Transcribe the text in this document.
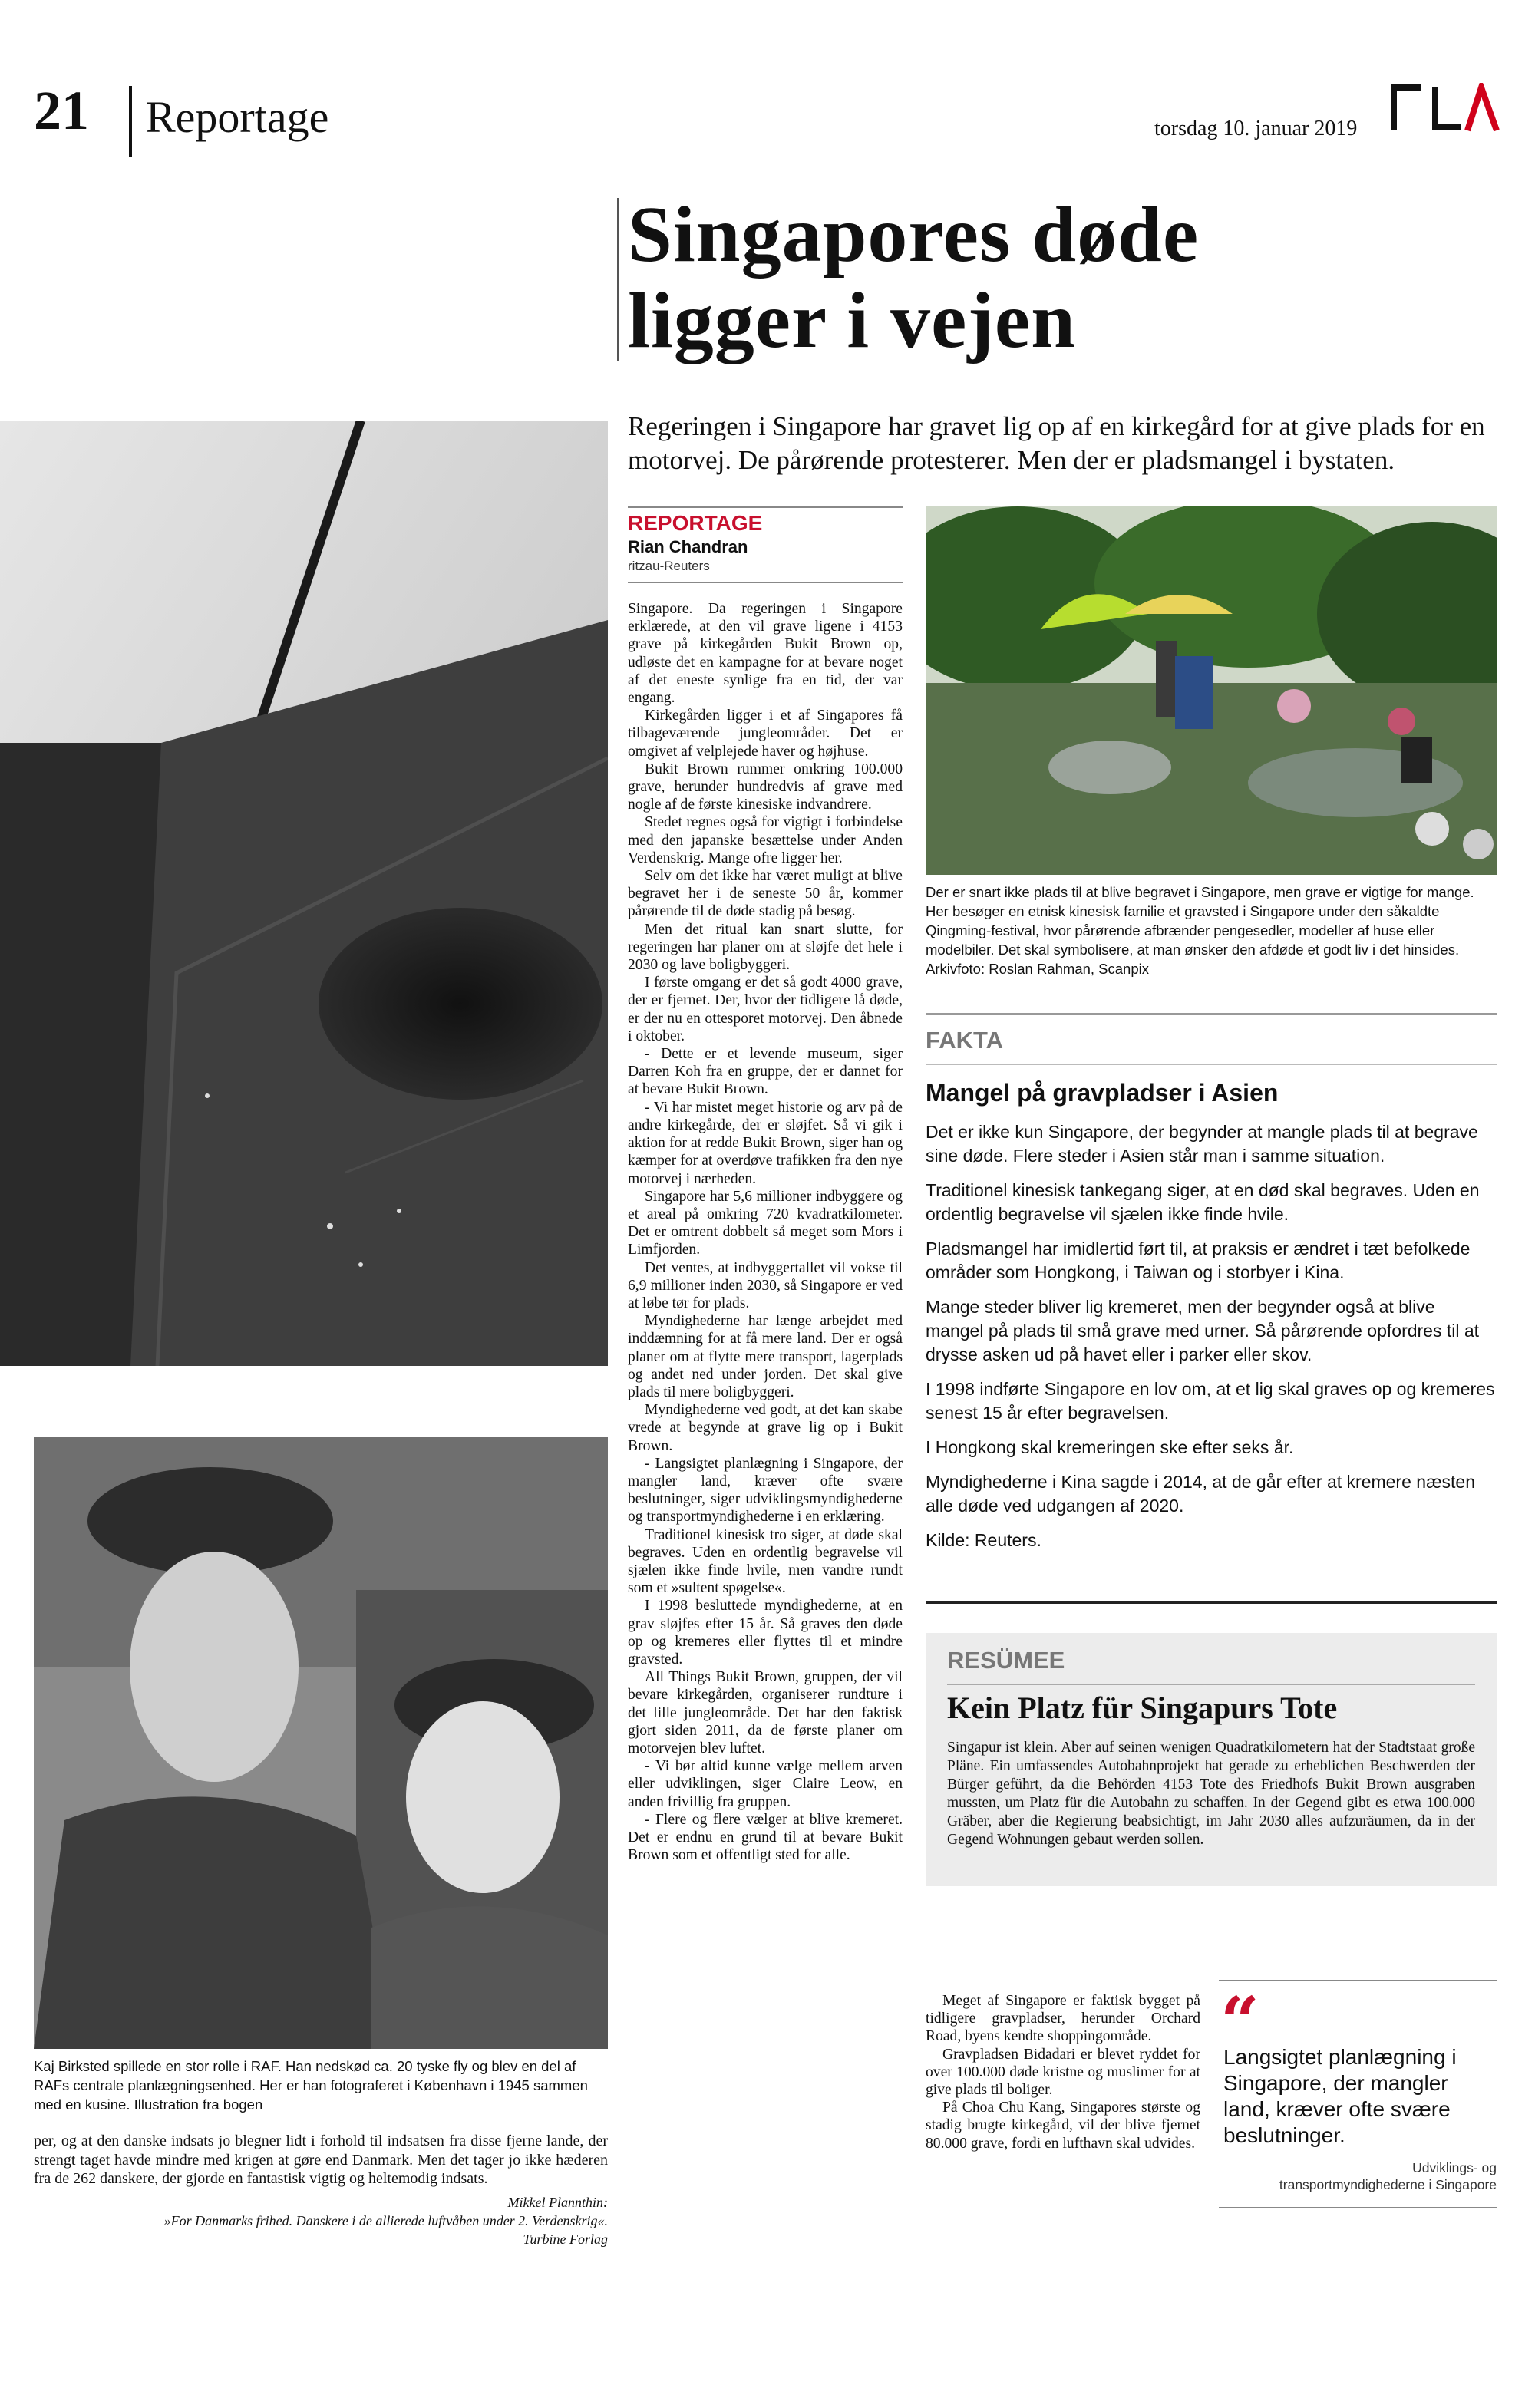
21 Reportage	torsdag 10. januar 2019
Singapores døde
ligger i vejen
Regeringen i Singapore har gravet lig op af en kirkegård for at give plads for en motorvej. De pårørende protesterer. Men der er pladsmangel i bystaten.
Kaj Birksted spillede en stor rolle i RAF. Han nedskød ca. 20 tyske fly og blev en del af RAFs centrale planlægningsenhed. Her er han fotograferet i København i 1945 sammen med en kusine. Illustration fra bogen

per, og at den danske indsats jo blegner lidt i forhold til indsatsen fra disse fjerne lande, der strengt taget havde mindre med krigen at gøre end Danmark. Men det tager jo ikke hæderen fra de 262 danskere, der gjorde en fantastisk vigtig og heltemodig indsats.

Mikkel Plannthin:
»For Danmarks frihed. Danskere i de allierede luftvåben under 2. Verdenskrig«.
Turbine Forlag
REPORTAGE
Rian Chandran
ritzau-Reuters

Singapore. Da regeringen i Singapore erklærede, at den vil grave ligene i 4153 grave på kirkegården Bukit Brown op, udløste det en kampagne for at bevare noget af det eneste synlige fra en tid, der var engang.

Kirkegården ligger i et af Singapores få tilbageværende jungleområder. Det er omgivet af velplejede haver og højhuse.

Bukit Brown rummer omkring 100.000 grave, herunder hundredvis af grave med nogle af de første kinesiske indvandrere.

Stedet regnes også for vigtigt i forbindelse med den japanske besættelse under Anden Verdenskrig. Mange ofre ligger her.

Selv om det ikke har været muligt at blive begravet her i de seneste 50 år, kommer pårørende til de døde stadig på besøg.

Men det ritual kan snart slutte, for regeringen har planer om at sløjfe det hele i 2030 og lave boligbyggeri.

I første omgang er det så godt 4000 grave, der er fjernet. Der, hvor der tidligere lå døde, er der nu en ottesporet motorvej. Den åbnede i oktober.

- Dette er et levende museum, siger Darren Koh fra en gruppe, der er dannet for at bevare Bukit Brown.

- Vi har mistet meget historie og arv på de andre kirkegårde, der er sløjfet. Så vi gik i aktion for at redde Bukit Brown, siger han og kæmper for at overdøve trafikken fra den nye motorvej i nærheden.

Singapore har 5,6 millioner indbyggere og et areal på omkring 720 kvadratkilometer. Det er omtrent dobbelt så meget som Mors i Limfjorden.

Det ventes, at indbyggertallet vil vokse til 6,9 millioner inden 2030, så Singapore er ved at løbe tør for plads.

Myndighederne har længe arbejdet med inddæmning for at få mere land. Der er også planer om at flytte mere transport, lagerplads og andet ned under jorden. Det skal give plads til mere boligbyggeri.

Myndighederne ved godt, at det kan skabe vrede at begynde at grave lig op i Bukit Brown.

- Langsigtet planlægning i Singapore, der mangler land, kræver ofte svære beslutninger, siger udviklingsmyndighederne og transportmyndighederne i en erklæring.

Traditionel kinesisk tro siger, at døde skal begraves. Uden en ordentlig begravelse vil sjælen ikke finde hvile, men vandre rundt som et »sultent spøgelse«.

I 1998 besluttede myndighederne, at en grav sløjfes efter 15 år. Så graves den døde op og kremeres eller flyttes til et mindre gravsted.

All Things Bukit Brown, gruppen, der vil bevare kirkegården, organiserer rundture i det lille jungleområde. Det har den faktisk gjort siden 2011, da de første planer om motorvejen blev luftet.

- Vi bør altid kunne vælge mellem arven eller udviklingen, siger Claire Leow, en anden frivillig fra gruppen.

- Flere og flere vælger at blive kremeret. Det er endnu en grund til at bevare Bukit Brown som et offentligt sted for alle.

Der er snart ikke plads til at blive begravet i Singapore, men grave er vigtige for mange. Her besøger en etnisk kinesisk familie et gravsted i Singapore under den såkaldte Qingming-festival, hvor pårørende afbrænder pengesedler, modeller af huse eller modelbiler. Det skal symbolisere, at man ønsker den afdøde et godt liv i det hinsides. Arkivfoto: Roslan Rahman, Scanpix
FAKTA
Mangel på gravpladser i Asien

Det er ikke kun Singapore, der begynder at mangle plads til at begrave sine døde. Flere steder i Asien står man i samme situation.

Traditionel kinesisk tankegang siger, at en død skal begraves. Uden en ordentlig begravelse vil sjælen ikke finde hvile.

Pladsmangel har imidlertid ført til, at praksis er ændret i tæt befolkede områder som Hongkong, i Taiwan og i storbyer i Kina.

Mange steder bliver lig kremeret, men der begynder også at blive mangel på plads til små grave med urner. Så pårørende opfordres til at drysse asken ud på havet eller i parker eller skov.

I 1998 indførte Singapore en lov om, at et lig skal graves op og kremeres senest 15 år efter begravelsen.

I Hongkong skal kremeringen ske efter seks år.

Myndighederne i Kina sagde i 2014, at de går efter at kremere næsten alle døde ved udgangen af 2020.

Kilde: Reuters.

RESÜMEE
Kein Platz für Singapurs Tote
Singapur ist klein. Aber auf seinen wenigen Quadratkilometern hat der Stadtstaat große Pläne. Ein umfassendes Autobahnprojekt hat gerade zu erheblichen Beschwerden der Bürger geführt, da die Behörden 4153 Tote des Friedhofs Bukit Brown ausgraben mussten, um Platz für die Autobahn zu schaffen. In der Gegend gibt es etwa 100.000 Gräber, aber die Regierung beabsichtigt, im Jahr 2030 alles aufzuräumen, da in der Gegend Wohnungen gebaut werden sollen.

Meget af Singapore er faktisk bygget på tidligere gravpladser, herunder Orchard Road, byens kendte shoppingområde.

Gravpladsen Bidadari er blevet ryddet for over 100.000 døde kristne og muslimer for at give plads til boliger.

På Choa Chu Kang, Singapores største og stadig brugte kirkegård, vil der blive fjernet 80.000 grave, fordi en lufthavn skal udvides.

“
Langsigtet planlægning i Singapore, der mangler land, kræver ofte svære beslutninger.
Udviklings- og
transportmyndighederne i Singapore
